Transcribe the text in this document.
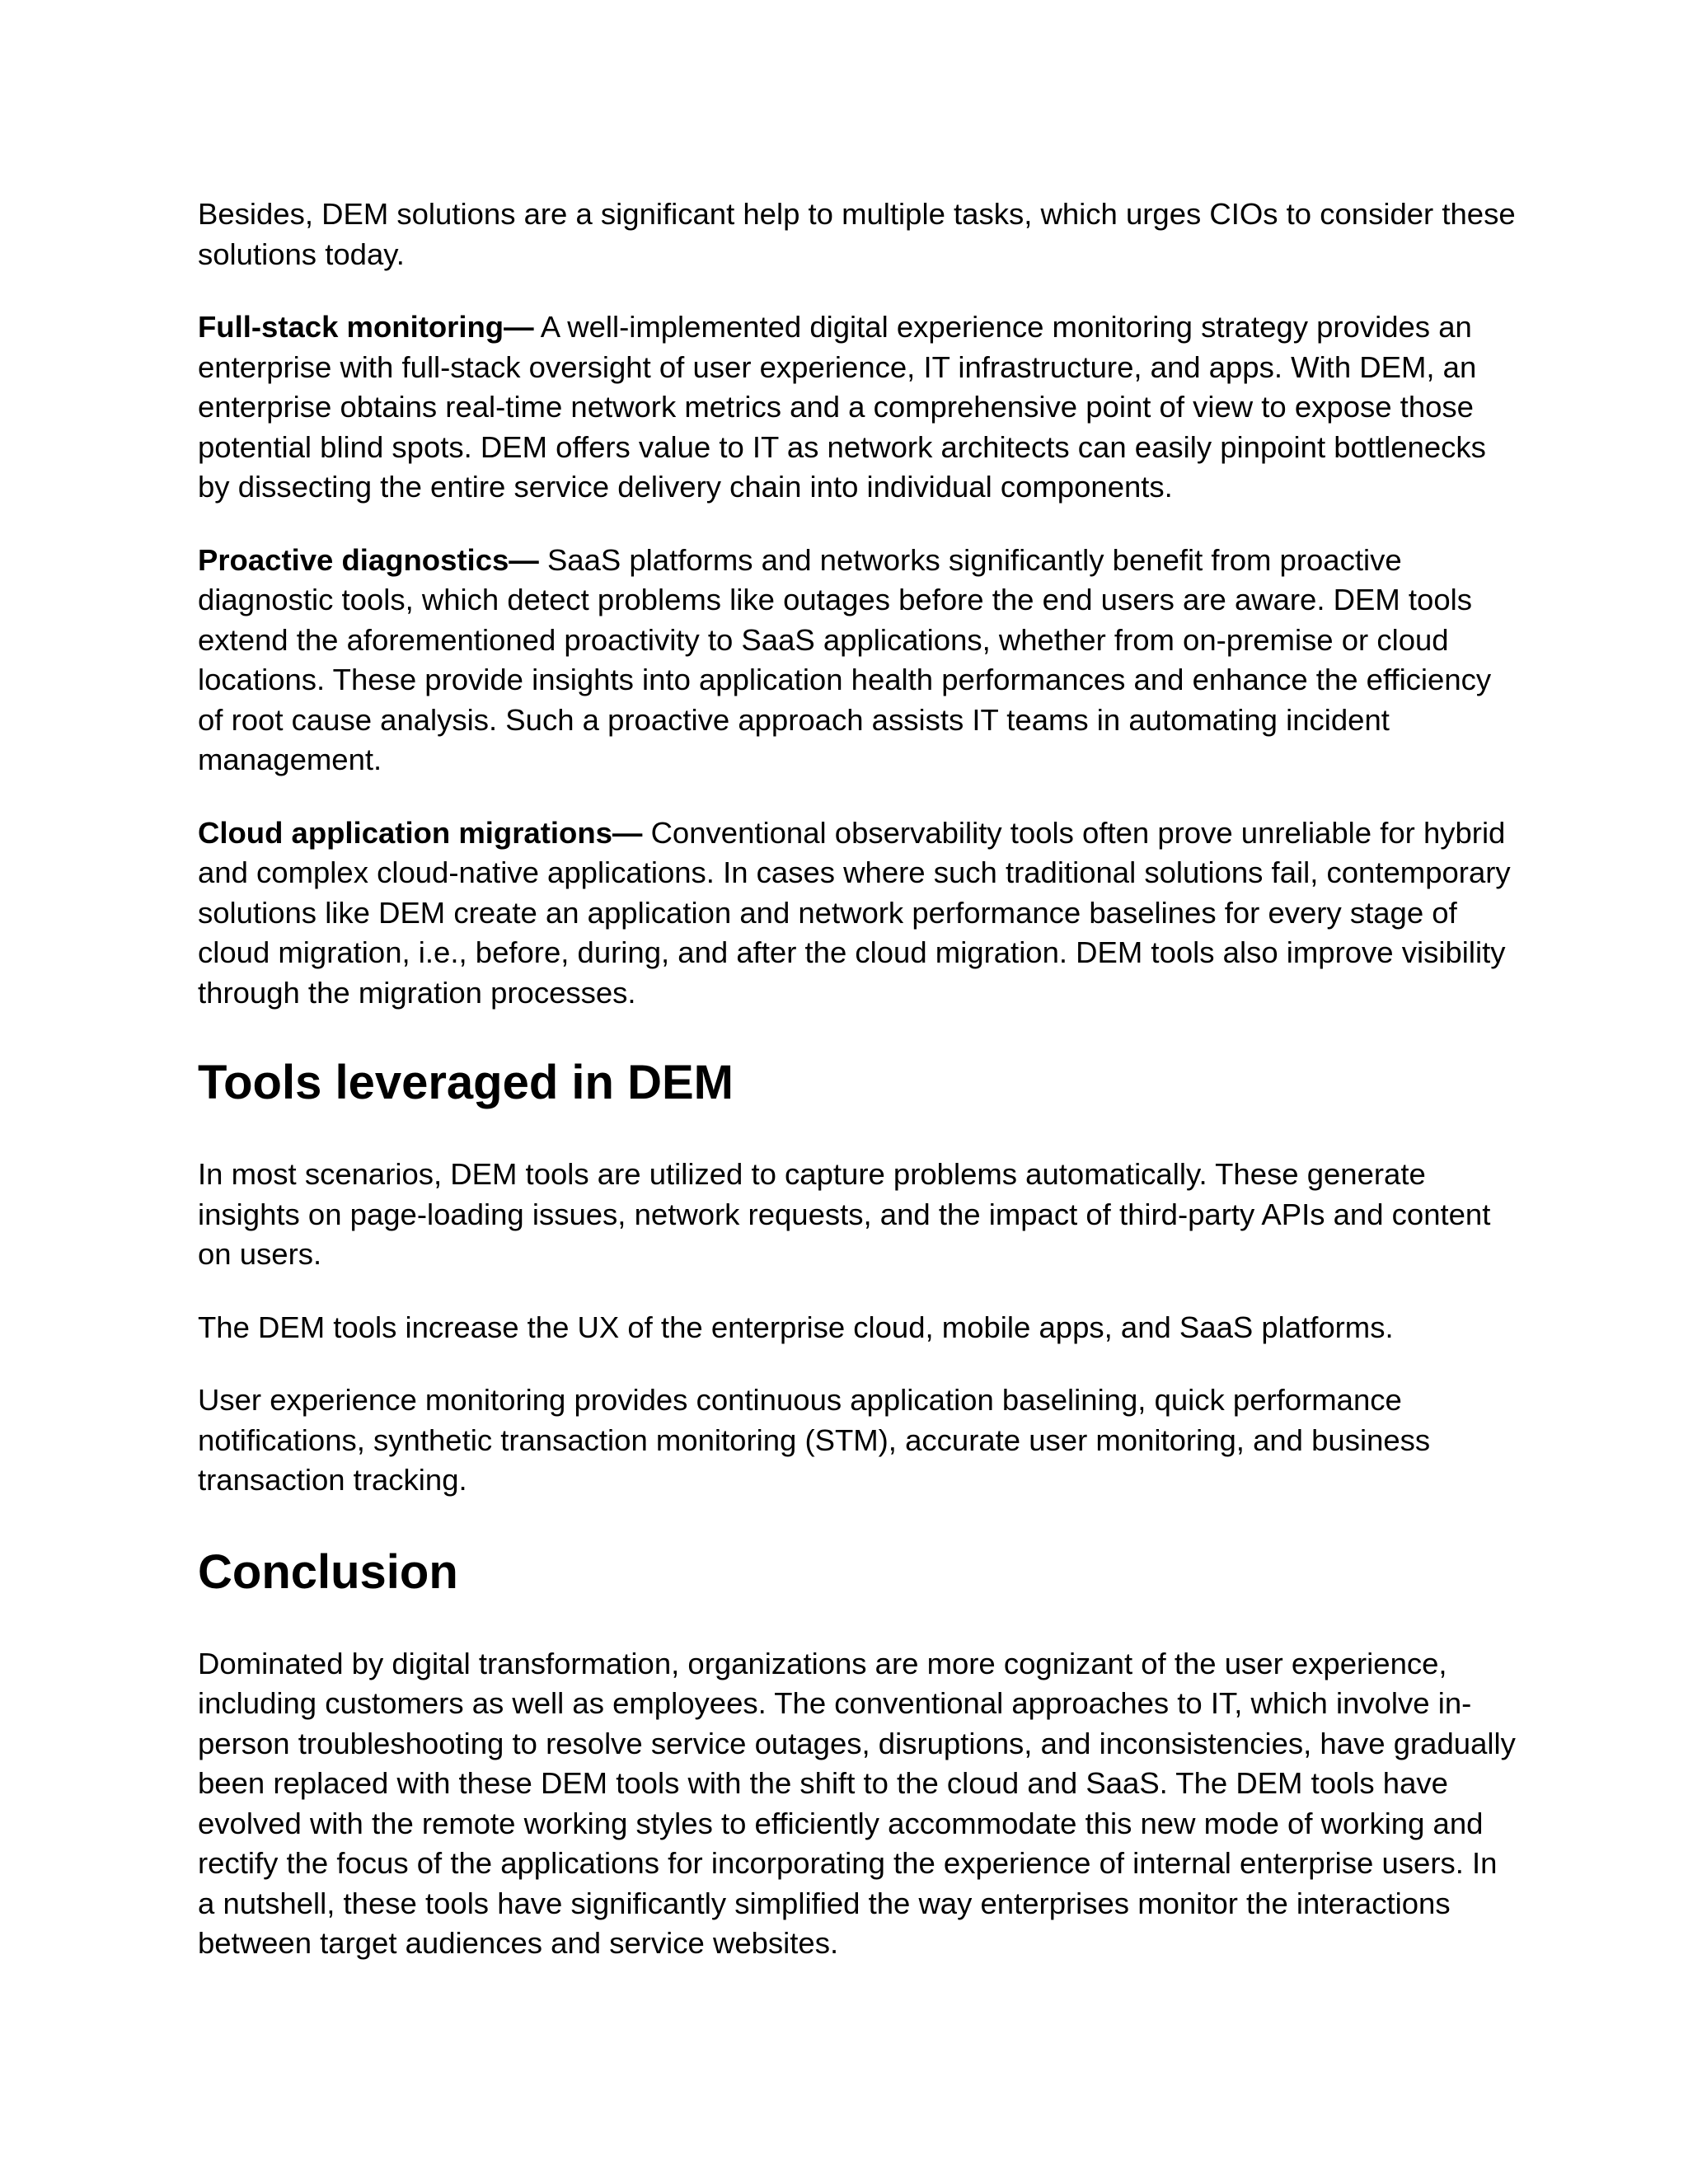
Besides, DEM solutions are a significant help to multiple tasks, which urges CIOs to consider these solutions today.

Full-stack monitoring— A well-implemented digital experience monitoring strategy provides an enterprise with full-stack oversight of user experience, IT infrastructure, and apps. With DEM, an enterprise obtains real-time network metrics and a comprehensive point of view to expose those potential blind spots. DEM offers value to IT as network architects can easily pinpoint bottlenecks by dissecting the entire service delivery chain into individual components.

Proactive diagnostics— SaaS platforms and networks significantly benefit from proactive diagnostic tools, which detect problems like outages before the end users are aware. DEM tools extend the aforementioned proactivity to SaaS applications, whether from on-premise or cloud locations. These provide insights into application health performances and enhance the efficiency of root cause analysis. Such a proactive approach assists IT teams in automating incident management.

Cloud application migrations— Conventional observability tools often prove unreliable for hybrid and complex cloud-native applications. In cases where such traditional solutions fail, contemporary solutions like DEM create an application and network performance baselines for every stage of cloud migration, i.e., before, during, and after the cloud migration. DEM tools also improve visibility through the migration processes.

Tools leveraged in DEM

In most scenarios, DEM tools are utilized to capture problems automatically. These generate insights on page-loading issues, network requests, and the impact of third-party APIs and content on users.

The DEM tools increase the UX of the enterprise cloud, mobile apps, and SaaS platforms.

User experience monitoring provides continuous application baselining, quick performance notifications, synthetic transaction monitoring (STM), accurate user monitoring, and business transaction tracking.

Conclusion

Dominated by digital transformation, organizations are more cognizant of the user experience, including customers as well as employees. The conventional approaches to IT, which involve in-person troubleshooting to resolve service outages, disruptions, and inconsistencies, have gradually been replaced with these DEM tools with the shift to the cloud and SaaS. The DEM tools have evolved with the remote working styles to efficiently accommodate this new mode of working and rectify the focus of the applications for incorporating the experience of internal enterprise users. In a nutshell, these tools have significantly simplified the way enterprises monitor the interactions between target audiences and service websites.
